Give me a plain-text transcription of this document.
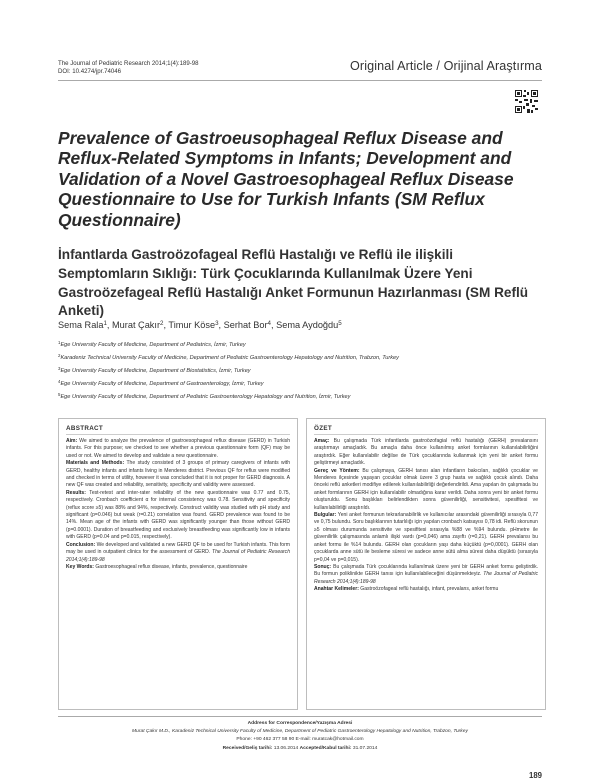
The Journal of Pediatric Research 2014;1(4):189-98
DOI: 10.4274/jpr.74046	Original Article / Orijinal Araştırma
Prevalence of Gastroeusophageal Reflux Disease and Reflux-Related Symptoms in Infants; Development and Validation of a Novel Gastroesophageal Reflux Disease Questionnaire to Use for Turkish Infants (SM Reflux Questionnaire)
İnfantlarda Gastroözofageal Reflü Hastalığı ve Reflü ile ilişkili Semptomların Sıklığı: Türk Çocuklarında Kullanılmak Üzere Yeni Gastroözefageal Reflü Hastalığı Anket Formunun Hazırlanması (SM Reflü Anketi)
Sema Rala$^1$, Murat Çakır$^2$, Timur Köse$^3$, Serhat Bor$^4$, Sema Aydoğdu$^5$
$^1$Ege University Faculty of Medicine, Department of Pediatrics, İzmir, Turkey
$^2$Karadeniz Technical University Faculty of Medicine, Department of Pediatric Gastroenterology Hepatology and Nutrition, Trabzon, Turkey
$^3$Ege University Faculty of Medicine, Department of Biostatistics, İzmir, Turkey
$^4$Ege University Faculty of Medicine, Department of Gastroenterology, İzmir, Turkey
$^5$Ege University Faculty of Medicine, Department of Pediatric Gastroenterology Hepatology and Nutrition, İzmir, Turkey
ABSTRACT

Aim: We aimed to analyze the prevalence of gastroesophageal reflux disease (GERD) in Turkish infants. For this purpose; we checked to see whether a previous questionnaire form (QF) may be used or not. We aimed to develop and validate a new questionnaire.

Materials and Methods: The study consisted of 3 groups of primary caregivers of infants with GERD, healthy infants and infants living in Menderes district. Previous QF for reflux were modified and checked in terms of utility, however it was concluded that it is not proper for GERD diagnosis. A new QF was created and reliability, sensitivity, specificity and validity were assessed.

Results: Test-retest and inter-rater reliability of the new questionnaire was 0.77 and 0.75, respectively. Cronbach coefficient α for internal consistency was 0.78. Sensitivity and specificity (reflux score ≥5) was 88% and 94%, respectively. Construct validity was studied with pH study and significant (p=0.046) but weak (r=0.21) correlation was found. GERD prevalence was found to be 14%. Mean age of the infants with GERD was significantly younger than those without GERD (p=0.0001). Duration of breastfeeding and exclusively breastfeeding was significantly low in infants with GERD (p=0.04 and p=0.015, respectively).

Conclusion: We developed and validated a new GERD QF to be used for Turkish infants. This form may be used in outpatient clinics for the assessment of GERD. The Journal of Pediatric Research 2014;1(4):189-98

Key Words: Gastroesophageal reflux disease, infants, prevalence, questionnaire

ÖZET

Amaç: Bu çalışmada Türk infantlarda gastroözofagial reflü hastalığı (GERH) prevalansını araştırmayı amaçladık. Bu amaçla daha önce kullanılmış anket formlarının kullanılabilirliğini araştırdık. Eğer kullanılabilir değilse de Türk çocuklarında kullanmak için yeni bir anket formu geliştirmeyi amaçladık.

Gereç ve Yöntem: Bu çalışmaya, GERH tanısı alan infantların bakıcıları, sağlıklı çocuklar ve Menderes ilçesinde yaşayan çocuklar olmak üzere 3 grup hasta ve sağlıklı çocuk alındı. Daha önceki reflü anketleri modifiye edilerek kullanılabilirliği değerlendirildi. Ama yapılan ön çalışmada bu anket formlarının GERH için kullanılabilir olmadığına karar verildi. Daha sonra yeni bir anket formu oluşturuldu. Sonu başlıkları belirlendikten sonra güvenilirliği, sensitivitesi, spesifitesi ve kullanılabilirliği araştırıldı.

Bulgular: Yeni anket formunun tekrarlanabilirlik ve kullanıcılar arasındaki güvenilirliği sırasıyla 0,77 ve 0,75 bulundu. Soru başlıklarının tutarlılığı için yapılan cronbach katsayısı 0,78 idi. Reflü skorunun ≥5 olması durumunda sensitivite ve spesifitesi sırasıyla %88 ve %94 bulundu. pHmetre ile güvenilirlik çalışmasında anlamlı ilişki vardı (p=0,046) ama zayıftı (r=0,21). GERH prevalansı bu anket formu ile %14 bulundu. GERH olan çocukların yaşı daha küçüktü (p=0,0001). GERH olan çocuklarda anne sütü ile besleme süresi ve sadece anne sütü alma süresi daha düşüktü (sırasıyla p=0,04 ve p=0,015).

Sonuç: Bu çalışmada Türk çocuklarında kullanılmak üzere yeni bir GERH anket formu geliştirdik. Bu formun poliklinikte GERH tanısı için kullanılabileceğini düşünmekteyiz. The Journal of Pediatric Research 2014;1(4):189-98

Anahtar Kelimeler: Gastroözofageal reflü hastalığı, infant, prevalans, anket formu

Address for Correspondence/Yazışma Adresi
Murat Çakır M.D., Karadeniz Technical University Faculty of Medicine, Department of Pediatric Gastroenterology Hepatology and Nutrition, Trabzon, Turkey
Phone: +90 462 377 58 90 E-mail: muratcak@hotmail.com
Received/Geliş tarihi: 13.06.2014 Accepted/Kabul tarihi: 31.07.2014
189
